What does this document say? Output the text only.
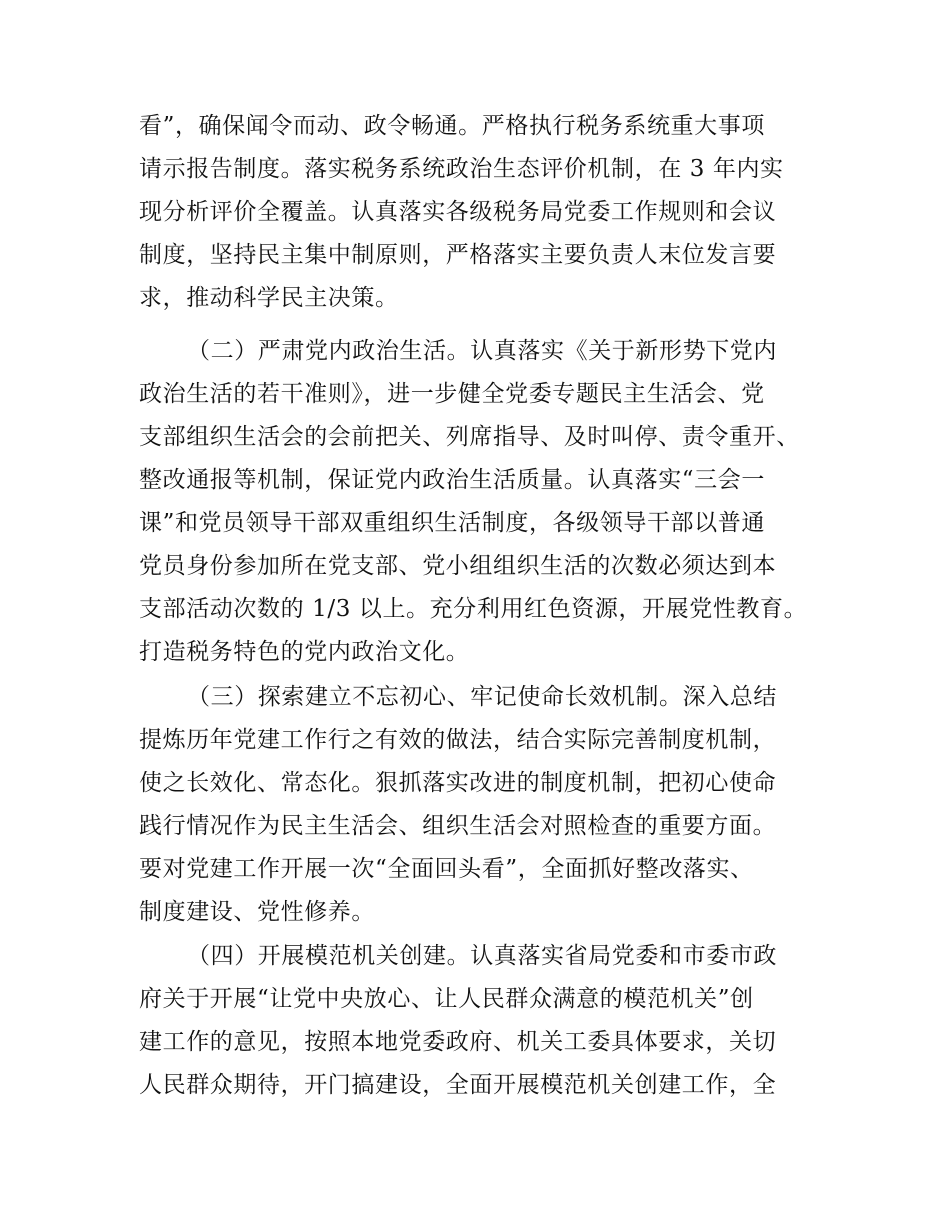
看”，确保闻令而动、政令畅通。严格执行税务系统重大事项
请示报告制度。落实税务系统政治生态评价机制，在 3 年内实
现分析评价全覆盖。认真落实各级税务局党委工作规则和会议
制度，坚持民主集中制原则，严格落实主要负责人末位发言要
求，推动科学民主决策。
（二）严肃党内政治生活。认真落实《关于新形势下党内
政治生活的若干准则》，进一步健全党委专题民主生活会、党
支部组织生活会的会前把关、列席指导、及时叫停、责令重开、
整改通报等机制，保证党内政治生活质量。认真落实“三会一
课”和党员领导干部双重组织生活制度，各级领导干部以普通
党员身份参加所在党支部、党小组组织生活的次数必须达到本
支部活动次数的 1/3 以上。充分利用红色资源，开展党性教育。
打造税务特色的党内政治文化。
（三）探索建立不忘初心、牢记使命长效机制。深入总结
提炼历年党建工作行之有效的做法，结合实际完善制度机制，
使之长效化、常态化。狠抓落实改进的制度机制，把初心使命
践行情况作为民主生活会、组织生活会对照检查的重要方面。
要对党建工作开展一次“全面回头看”，全面抓好整改落实、
制度建设、党性修养。
（四）开展模范机关创建。认真落实省局党委和市委市政
府关于开展“让党中央放心、让人民群众满意的模范机关”创
建工作的意见，按照本地党委政府、机关工委具体要求，关切
人民群众期待，开门搞建设，全面开展模范机关创建工作，全
